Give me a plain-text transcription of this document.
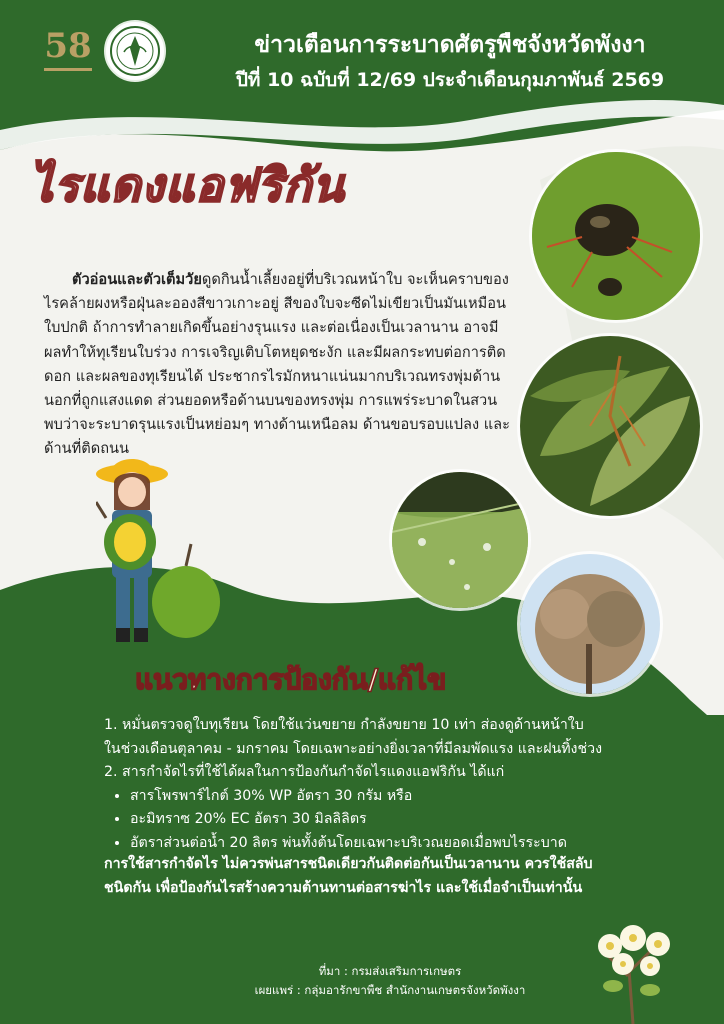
58	ข่าวเตือนการระบาดศัตรูพืชจังหวัดพังงา
ปีที่ 10 ฉบับที่ 12/69 ประจำเดือนกุมภาพันธ์ 2569
ไรแดงแอฟริกัน
ตัวอ่อนและตัวเต็มวัยดูดกินน้ำเลี้ยงอยู่ที่บริเวณหน้าใบ จะเห็นคราบของไรคล้ายผงหรือฝุ่นละอองสีขาวเกาะอยู่ สีของใบจะซีดไม่เขียวเป็นมันเหมือนใบปกติ ถ้าการทำลายเกิดขึ้นอย่างรุนแรง และต่อเนื่องเป็นเวลานาน อาจมีผลทำให้ทุเรียนใบร่วง การเจริญเติบโตหยุดชะงัก และมีผลกระทบต่อการติดดอก และผลของทุเรียนได้ ประชากรไรมักหนาแน่นมากบริเวณทรงพุ่มด้านนอกที่ถูกแสงแดด ส่วนยอดหรือด้านบนของทรงพุ่ม การแพร่ระบาดในสวนพบว่าจะระบาดรุนแรงเป็นหย่อมๆ ทางด้านเหนือลม ด้านขอบรอบแปลง และด้านที่ติดถนน
แนวทางการป้องกัน/แก้ไข
1. หมั่นตรวจดูใบทุเรียน โดยใช้แว่นขยาย กำลังขยาย 10 เท่า ส่องดูด้านหน้าใบ
ในช่วงเดือนตุลาคม - มกราคม โดยเฉพาะอย่างยิ่งเวลาที่มีลมพัดแรง และฝนทิ้งช่วง
2. สารกำจัดไรที่ใช้ได้ผลในการป้องกันกำจัดไรแดงแอฟริกัน ได้แก่
• สารโพรพาร์ไกต์ 30% WP อัตรา 30 กรัม หรือ
• อะมิทราซ 20% EC อัตรา 30 มิลลิลิตร
• อัตราส่วนต่อน้ำ 20 ลิตร พ่นทั้งต้นโดยเฉพาะบริเวณยอดเมื่อพบไรระบาด
การใช้สารกำจัดไร ไม่ควรพ่นสารชนิดเดียวกันติดต่อกันเป็นเวลานาน ควรใช้สลับ
ชนิดกัน เพื่อป้องกันไรสร้างความต้านทานต่อสารฆ่าไร และใช้เมื่อจำเป็นเท่านั้น
ที่มา : กรมส่งเสริมการเกษตร
เผยแพร่ : กลุ่มอารักขาพืช สำนักงานเกษตรจังหวัดพังงา
